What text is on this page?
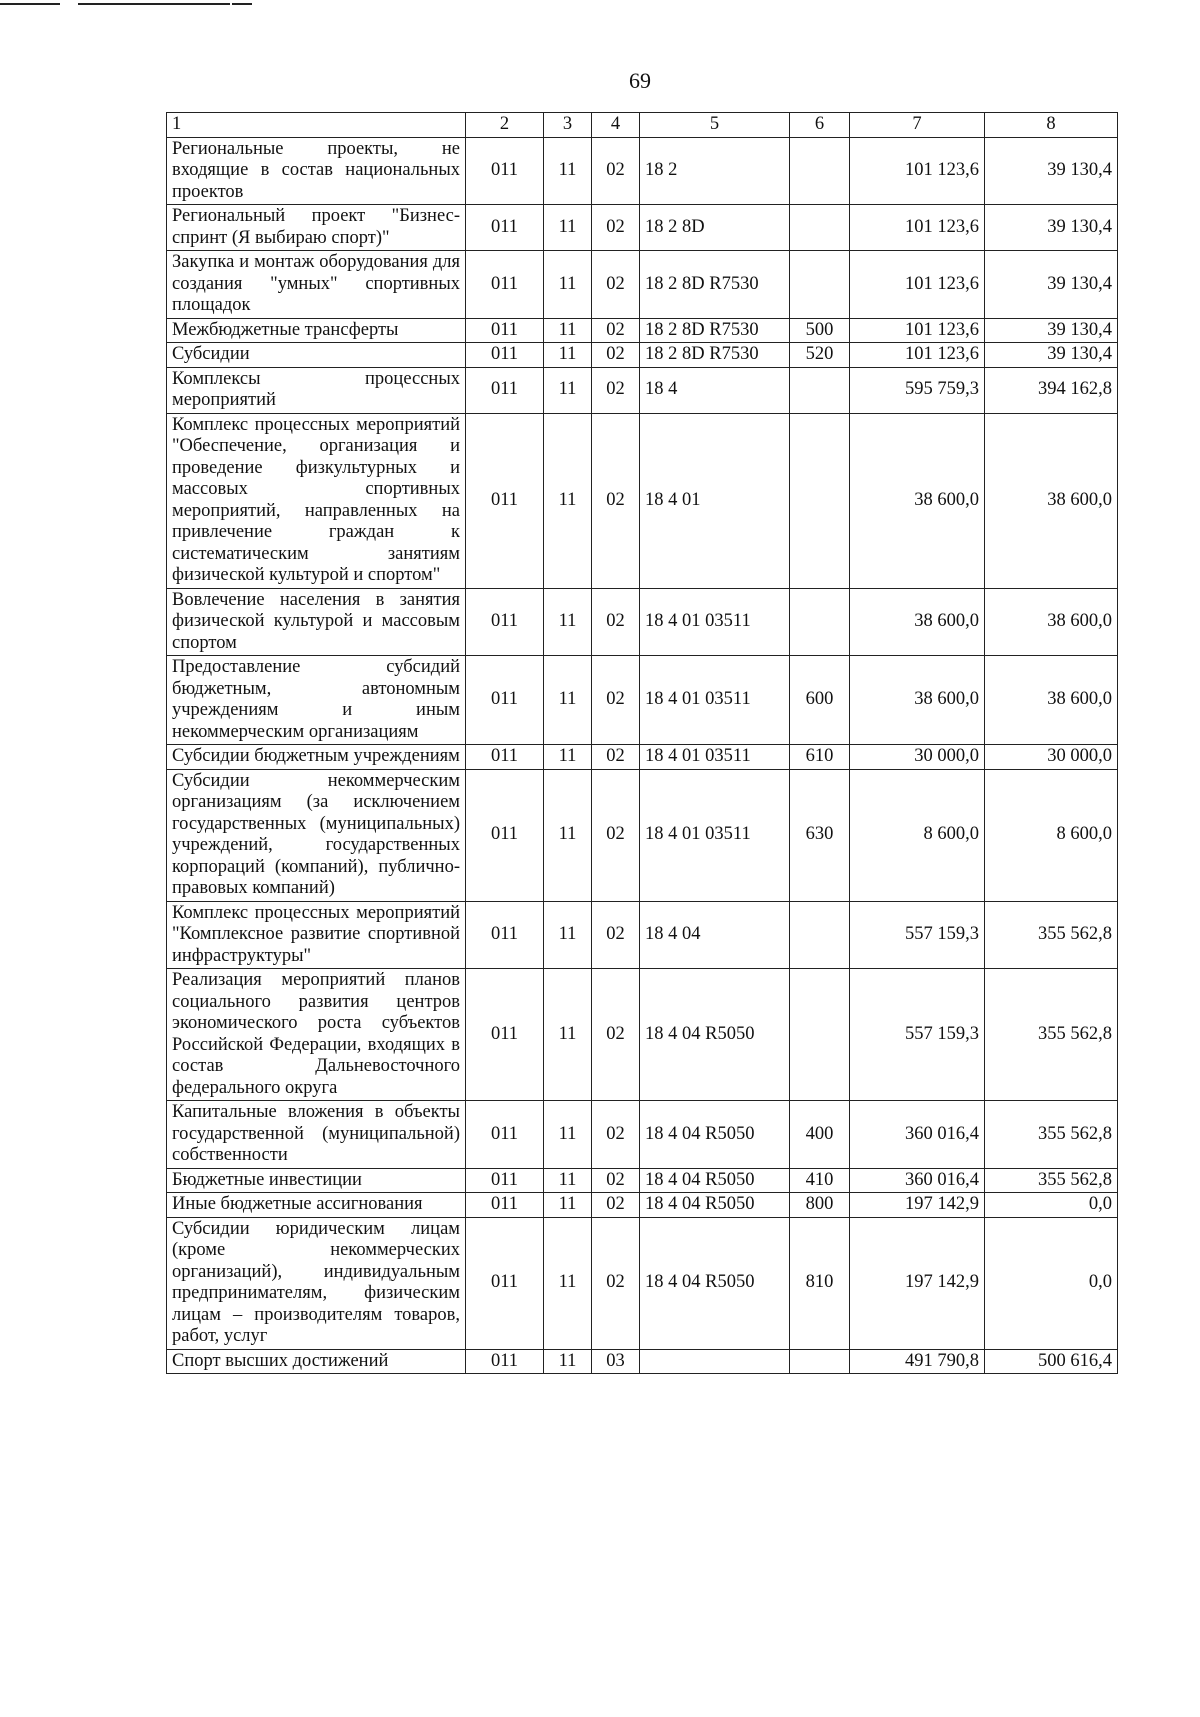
69
1	2	3	4	5	6	7	8
Региональные проекты, не входящие в состав национальных проектов	011	11	02	18 2		101 123,6	39 130,4
Региональный проект "Бизнес-спринт (Я выбираю спорт)"	011	11	02	18 2 8D		101 123,6	39 130,4
Закупка и монтаж оборудования для создания "умных" спортивных площадок	011	11	02	18 2 8D R7530		101 123,6	39 130,4
Межбюджетные трансферты	011	11	02	18 2 8D R7530	500	101 123,6	39 130,4
Субсидии	011	11	02	18 2 8D R7530	520	101 123,6	39 130,4
Комплексы процессных мероприятий	011	11	02	18 4		595 759,3	394 162,8
Комплекс процессных мероприятий "Обеспечение, организация и проведение физкультурных и массовых спортивных мероприятий, направленных на привлечение граждан к систематическим занятиям физической культурой и спортом"	011	11	02	18 4 01		38 600,0	38 600,0
Вовлечение населения в занятия физической культурой и массовым спортом	011	11	02	18 4 01 03511		38 600,0	38 600,0
Предоставление субсидий бюджетным, автономным учреждениям и иным некоммерческим организациям	011	11	02	18 4 01 03511	600	38 600,0	38 600,0
Субсидии бюджетным учреждениям	011	11	02	18 4 01 03511	610	30 000,0	30 000,0
Субсидии некоммерческим организациям (за исключением государственных (муниципальных) учреждений, государственных корпораций (компаний), публично-правовых компаний)	011	11	02	18 4 01 03511	630	8 600,0	8 600,0
Комплекс процессных мероприятий "Комплексное развитие спортивной инфраструктуры"	011	11	02	18 4 04		557 159,3	355 562,8
Реализация мероприятий планов социального развития центров экономического роста субъектов Российской Федерации, входящих в состав Дальневосточного федерального округа	011	11	02	18 4 04 R5050		557 159,3	355 562,8
Капитальные вложения в объекты государственной (муниципальной) собственности	011	11	02	18 4 04 R5050	400	360 016,4	355 562,8
Бюджетные инвестиции	011	11	02	18 4 04 R5050	410	360 016,4	355 562,8
Иные бюджетные ассигнования	011	11	02	18 4 04 R5050	800	197 142,9	0,0
Субсидии юридическим лицам (кроме некоммерческих организаций), индивидуальным предпринимателям, физическим лицам – производителям товаров, работ, услуг	011	11	02	18 4 04 R5050	810	197 142,9	0,0
Спорт высших достижений	011	11	03			491 790,8	500 616,4
